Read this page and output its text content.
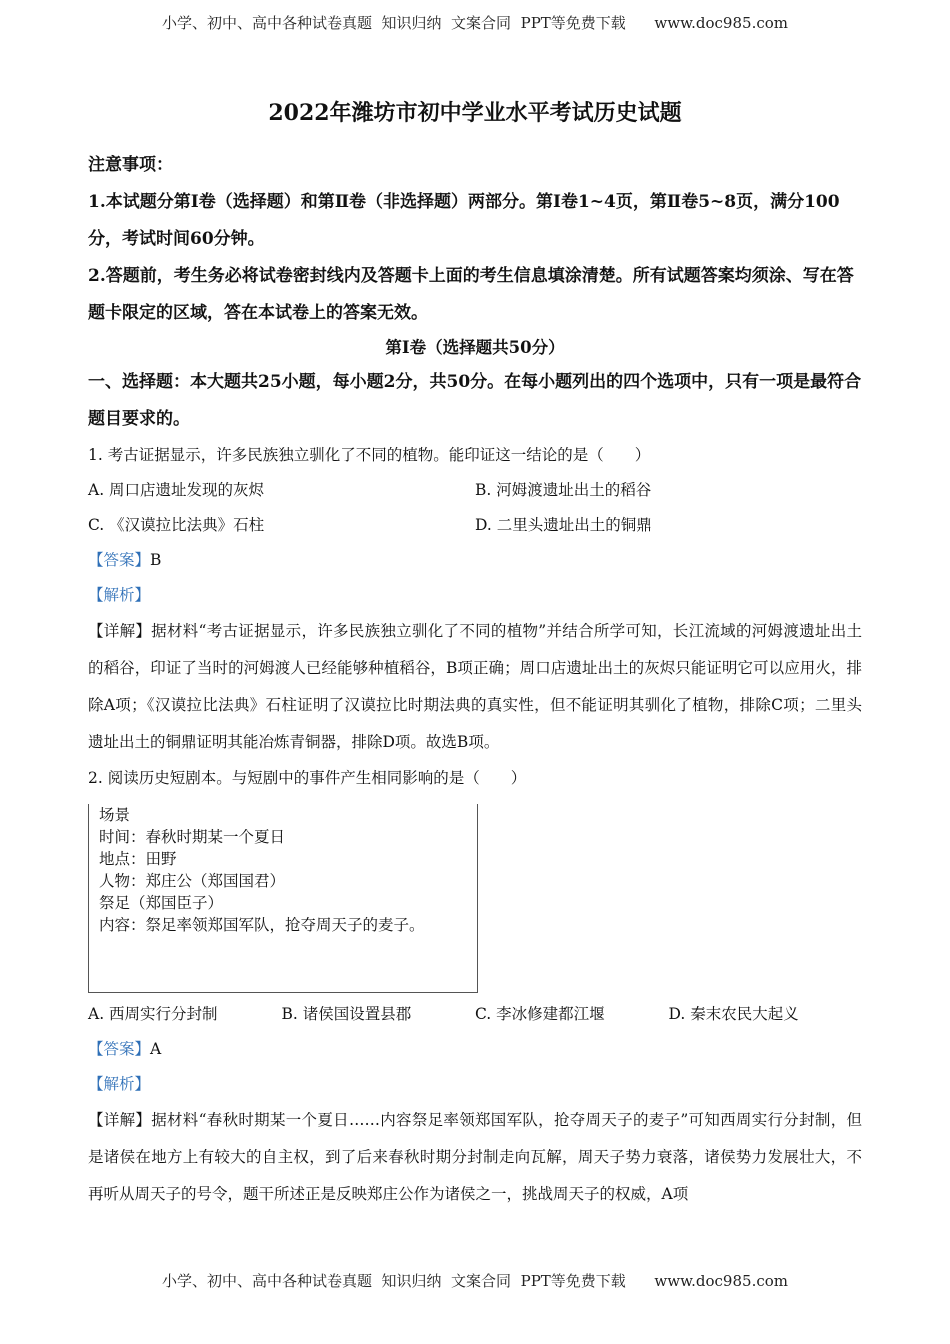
小学、初中、高中各种试卷真题  知识归纳  文案合同  PPT等免费下载      www.doc985.com
2022年潍坊市初中学业水平考试历史试题
注意事项：
1.本试题分第Ⅰ卷（选择题）和第Ⅱ卷（非选择题）两部分。第Ⅰ卷1~4页，第Ⅱ卷5~8页，满分100分，考试时间60分钟。
2.答题前，考生务必将试卷密封线内及答题卡上面的考生信息填涂清楚。所有试题答案均须涂、写在答题卡限定的区域，答在本试卷上的答案无效。
第Ⅰ卷（选择题共50分）
一、选择题：本大题共25小题，每小题2分，共50分。在每小题列出的四个选项中，只有一项是最符合题目要求的。
1. 考古证据显示，许多民族独立驯化了不同的植物。能印证这一结论的是（　　）
A. 周口店遗址发现的灰烬	B. 河姆渡遗址出土的稻谷
C. 《汉谟拉比法典》石柱	D. 二里头遗址出土的铜鼎
【答案】B
【解析】
【详解】据材料“考古证据显示，许多民族独立驯化了不同的植物”并结合所学可知，长江流域的河姆渡遗址出土的稻谷，印证了当时的河姆渡人已经能够种植稻谷，B项正确；周口店遗址出土的灰烬只能证明它可以应用火，排除A项；《汉谟拉比法典》石柱证明了汉谟拉比时期法典的真实性，但不能证明其驯化了植物，排除C项；二里头遗址出土的铜鼎证明其能冶炼青铜器，排除D项。故选B项。
2. 阅读历史短剧本。与短剧中的事件产生相同影响的是（　　）
场景
时间：春秋时期某一个夏日
地点：田野
人物：郑庄公（郑国国君）
祭足（郑国臣子）
内容：祭足率领郑国军队，抢夺周天子的麦子。
A. 西周实行分封制	B. 诸侯国设置县郡	C. 李冰修建都江堰	D. 秦末农民大起义
【答案】A
【解析】
【详解】据材料“春秋时期某一个夏日……内容祭足率领郑国军队，抢夺周天子的麦子”可知西周实行分封制，但是诸侯在地方上有较大的自主权，到了后来春秋时期分封制走向瓦解，周天子势力衰落，诸侯势力发展壮大，不再听从周天子的号令，题干所述正是反映郑庄公作为诸侯之一，挑战周天子的权威，A项
小学、初中、高中各种试卷真题  知识归纳  文案合同  PPT等免费下载      www.doc985.com
